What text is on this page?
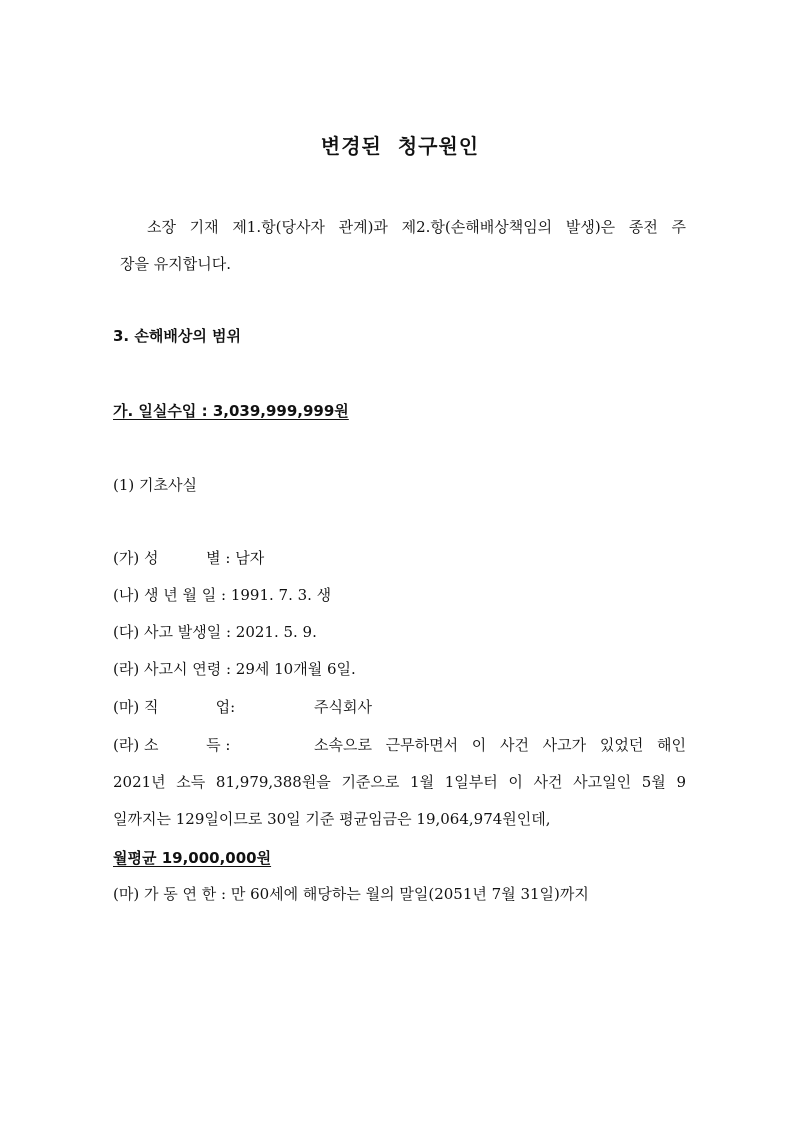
변경된 청구원인
소장 기재 제1.항(당사자 관계)과 제2.항(손해배상책임의 발생)은 종전 주
장을 유지합니다.
3. 손해배상의 범위
가. 일실수입 : 3,039,999,999원
(1) 기초사실
(가) 성          별 : 남자
(나) 생 년 월 일 : 1991. 7. 3. 생
(다) 사고 발생일 : 2021. 5. 9.
(라) 사고시 연령 : 29세 10개월 6일.
(마) 직            업:	주식회사
(라) 소          득 :	소속으로 근무하면서 이 사건 사고가 있었던 해인
2021년 소득 81,979,388원을 기준으로 1월 1일부터 이 사건 사고일인 5월 9
일까지는 129일이므로 30일 기준 평균임금은 19,064,974원인데,
월평균 19,000,000원
(마) 가 동 연 한 : 만 60세에 해당하는 월의 말일(2051년 7월 31일)까지
